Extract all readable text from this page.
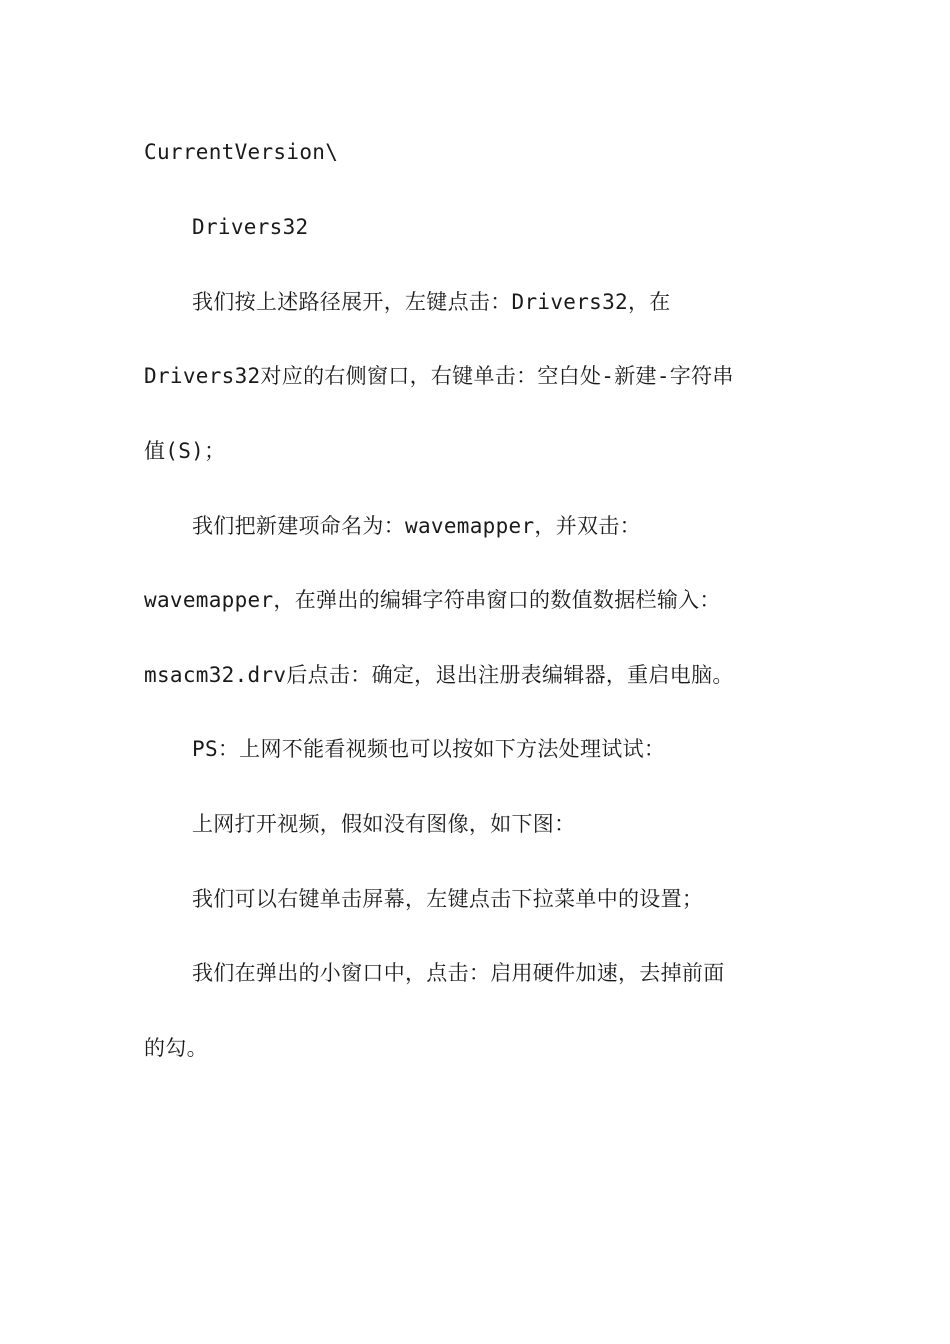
CurrentVersion\
Drivers32
我们按上述路径展开，左键点击：Drivers32，在
Drivers32对应的右侧窗口，右键单击：空白处-新建-字符串
值(S)；
我们把新建项命名为：wavemapper，并双击：
wavemapper，在弹出的编辑字符串窗口的数值数据栏输入：
msacm32.drv后点击：确定，退出注册表编辑器，重启电脑。
PS：上网不能看视频也可以按如下方法处理试试：
上网打开视频，假如没有图像，如下图：
我们可以右键单击屏幕，左键点击下拉菜单中的设置；
我们在弹出的小窗口中，点击：启用硬件加速，去掉前面
的勾。
